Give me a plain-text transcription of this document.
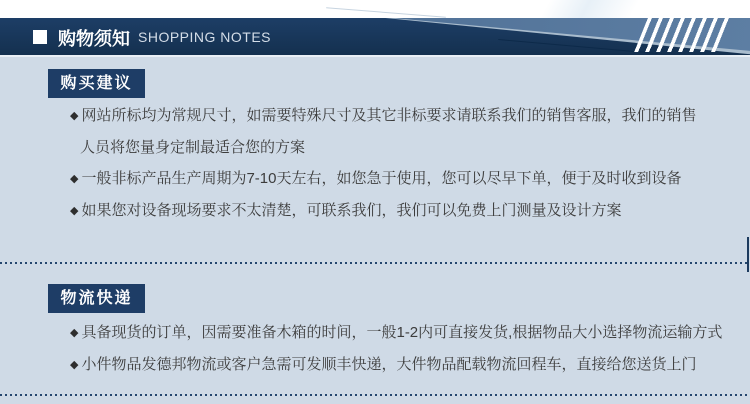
购物须知 SHOPPING NOTES
购买建议
◆ 网站所标均为常规尺寸，如需要特殊尺寸及其它非标要求请联系我们的销售客服，我们的销售
人员将您量身定制最适合您的方案
◆ 一般非标产品生产周期为7-10天左右，如您急于使用，您可以尽早下单，便于及时收到设备
◆ 如果您对设备现场要求不太清楚，可联系我们，我们可以免费上门测量及设计方案
物流快递
◆ 具备现货的订单，因需要准备木箱的时间，一般1-2内可直接发货,根据物品大小选择物流运输方式
◆ 小件物品发德邦物流或客户急需可发顺丰快递，大件物品配载物流回程车，直接给您送货上门
